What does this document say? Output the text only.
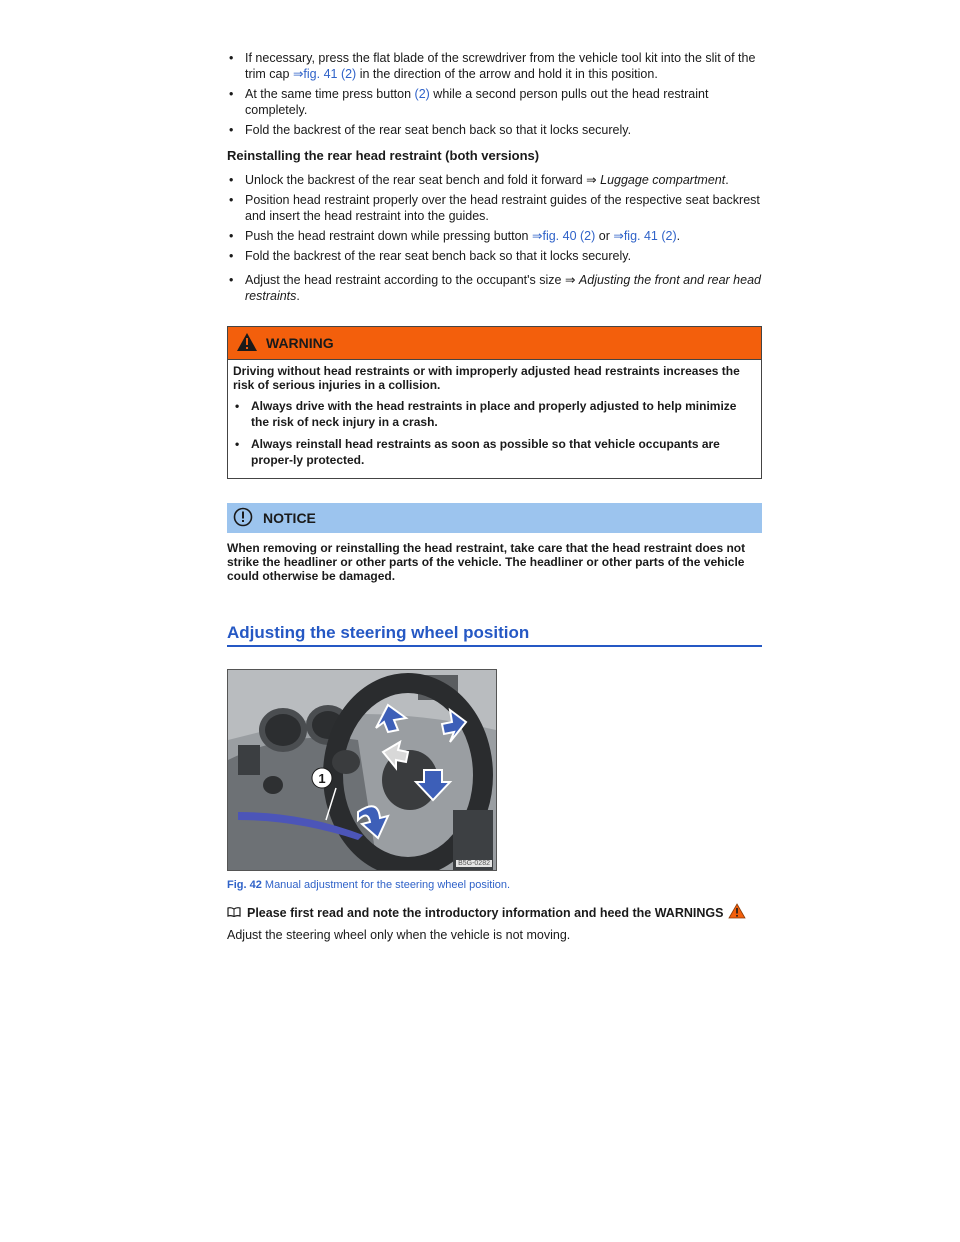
• If necessary, press the flat blade of the screwdriver from the vehicle tool kit into the slit of the trim cap ⇒fig. 41 (2) in the direction of the arrow and hold it in this position.

• At the same time press button (2) while a second person pulls out the head restraint completely.

• Fold the backrest of the rear seat bench back so that it locks securely.

Reinstalling the rear head restraint (both versions)

• Unlock the backrest of the rear seat bench and fold it forward ⇒ Luggage compartment.

• Position head restraint properly over the head restraint guides of the respective seat backrest and insert the head restraint into the guides.

• Push the head restraint down while pressing button ⇒fig. 40 (2) or ⇒fig. 41 (2).

• Fold the backrest of the rear seat bench back so that it locks securely.

• Adjust the head restraint according to the occupant's size ⇒ Adjusting the front and rear head restraints.

WARNING

Driving without head restraints or with improperly adjusted head restraints increases the risk of serious injuries in a collision.

• Always drive with the head restraints in place and properly adjusted to help minimize the risk of neck injury in a crash.

• Always reinstall head restraints as soon as possible so that vehicle occupants are proper-ly protected.

NOTICE
When removing or reinstalling the head restraint, take care that the head restraint does not strike the headliner or other parts of the vehicle. The headliner or other parts of the vehicle could otherwise be damaged.
Adjusting the steering wheel position
1
B5G-0282
Fig. 42 Manual adjustment for the steering wheel position.
Please first read and note the introductory information and heed the WARNINGS
Adjust the steering wheel only when the vehicle is not moving.
